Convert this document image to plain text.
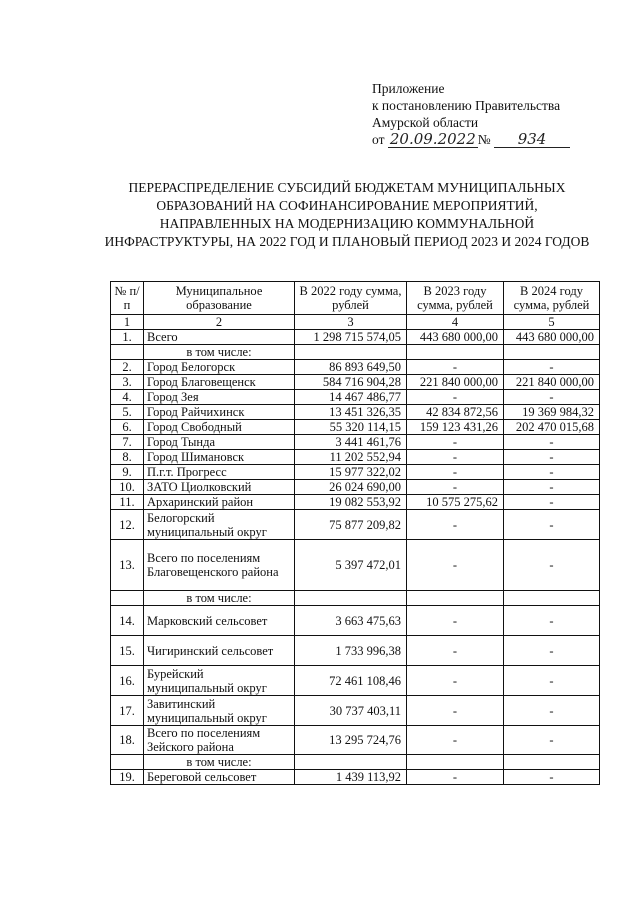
Приложение
к постановлению Правительства
Амурской области
от 20.09.2022 № 934
ПЕРЕРАСПРЕДЕЛЕНИЕ СУБСИДИЙ БЮДЖЕТАМ МУНИЦИПАЛЬНЫХ ОБРАЗОВАНИЙ НА СОФИНАНСИРОВАНИЕ МЕРОПРИЯТИЙ, НАПРАВЛЕННЫХ НА МОДЕРНИЗАЦИЮ КОММУНАЛЬНОЙ ИНФРАСТРУКТУРЫ, НА 2022 ГОД И ПЛАНОВЫЙ ПЕРИОД 2023 И 2024 ГОДОВ
№ п/п	Муниципальное образование	В 2022 году сумма, рублей	В 2023 году сумма, рублей	В 2024 году сумма, рублей
1	2	3	4	5
1.	Всего	1 298 715 574,05	443 680 000,00	443 680 000,00
	в том числе:			
2.	Город Белогорск	86 893 649,50	-	-
3.	Город Благовещенск	584 716 904,28	221 840 000,00	221 840 000,00
4.	Город Зея	14 467 486,77	-	-
5.	Город Райчихинск	13 451 326,35	42 834 872,56	19 369 984,32
6.	Город Свободный	55 320 114,15	159 123 431,26	202 470 015,68
7.	Город Тында	3 441 461,76	-	-
8.	Город Шимановск	11 202 552,94	-	-
9.	П.г.т. Прогресс	15 977 322,02	-	-
10.	ЗАТО Циолковский	26 024 690,00	-	-
11.	Архаринский район	19 082 553,92	10 575 275,62	-
12.	Белогорский муниципальный округ	75 877 209,82	-	-
13.	Всего по поселениям Благовещенского района	5 397 472,01	-	-
	в том числе:			
14.	Марковский сельсовет	3 663 475,63	-	-
15.	Чигиринский сельсовет	1 733 996,38	-	-
16.	Бурейский муниципальный округ	72 461 108,46	-	-
17.	Завитинский муниципальный округ	30 737 403,11	-	-
18.	Всего по поселениям Зейского района	13 295 724,76	-	-
	в том числе:			
19.	Береговой сельсовет	1 439 113,92	-	-
